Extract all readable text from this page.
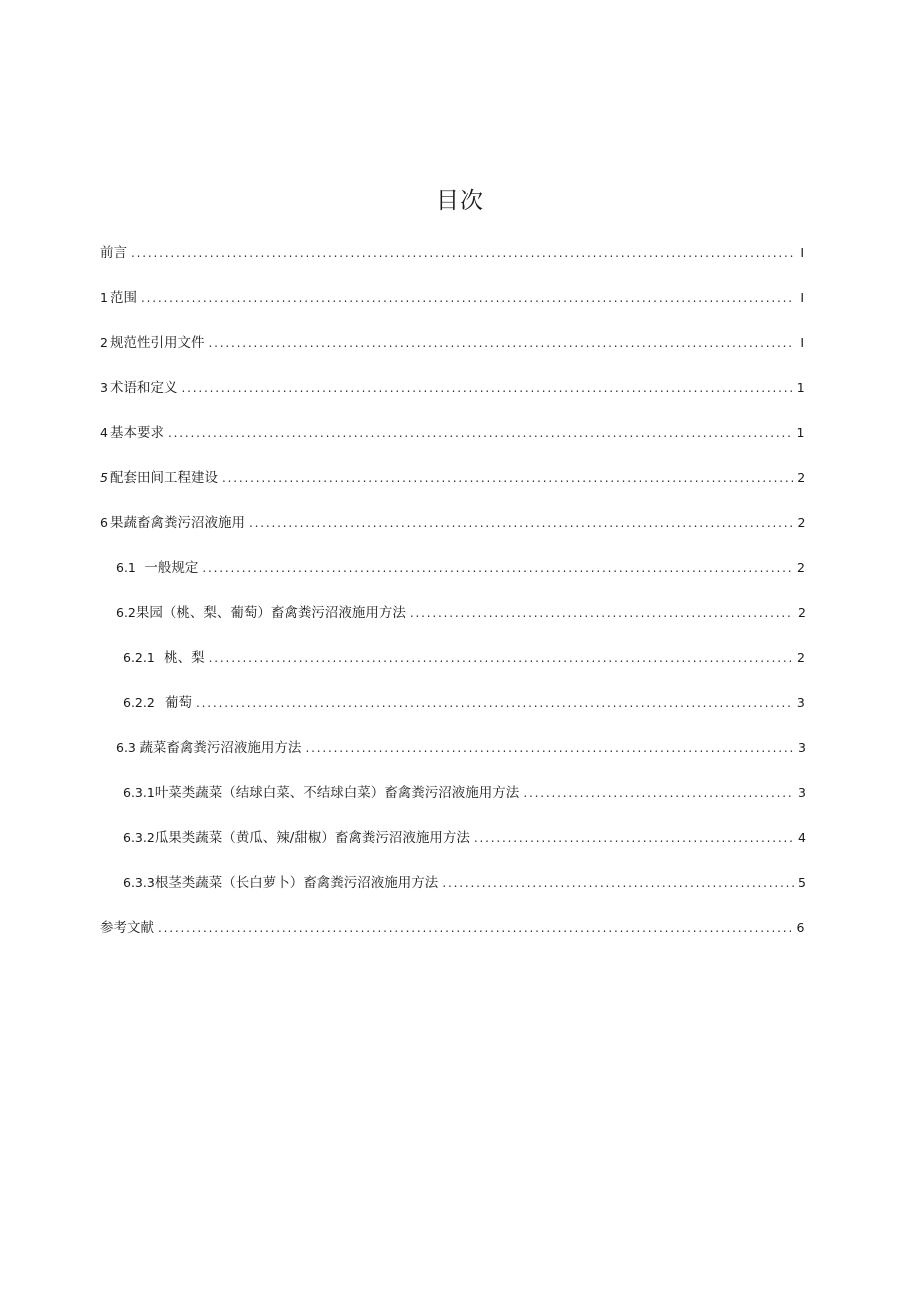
目次
前言 . . .	I
1 范围 . . .	I
2 规范性引用文件 . . .	I
3 术语和定义 . . .	1
4 基本要求 . . .	1
5 配套田间工程建设 . . .	2
6 果蔬畜禽粪污沼液施用 . . .	2
6.1 一般规定 . . .	2
6.2 果园（桃、梨、葡萄）畜禽粪污沼液施用方法 . . .	2
6.2.1 桃、梨 . . .	2
6.2.2 葡萄 . . .	3
6.3 蔬菜畜禽粪污沼液施用方法 . . .	3
6.3.1 叶菜类蔬菜（结球白菜、不结球白菜）畜禽粪污沼液施用方法 . . .	3
6.3.2 瓜果类蔬菜（黄瓜、辣/甜椒）畜禽粪污沼液施用方法 . . .	4
6.3.3 根茎类蔬菜（长白萝卜）畜禽粪污沼液施用方法 . . .	5
参考文献 . . .	6
